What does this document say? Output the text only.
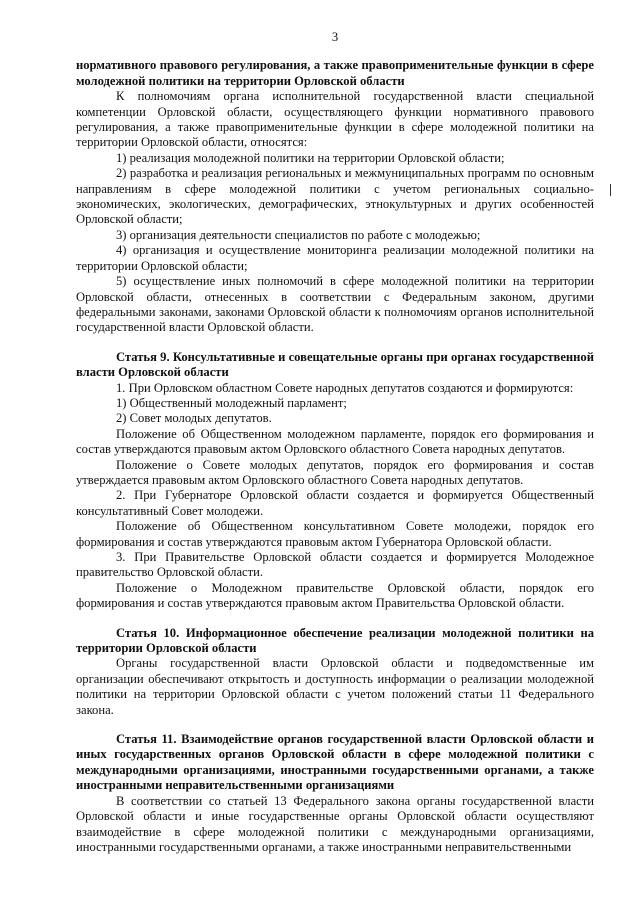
3

нормативного правового регулирования, а также правоприменительные функции в сфере молодежной политики на территории Орловской области

К полномочиям органа исполнительной государственной власти специальной компетенции Орловской области, осуществляющего функции нормативного правового регулирования, а также правоприменительные функции в сфере молодежной политики на территории Орловской области, относятся:

1) реализация молодежной политики на территории Орловской области;

2) разработка и реализация региональных и межмуниципальных программ по основным направлениям в сфере молодежной политики с учетом региональных социально-экономических, экологических, демографических, этнокультурных и других особенностей Орловской области;

3) организация деятельности специалистов по работе с молодежью;

4) организация и осуществление мониторинга реализации молодежной политики на территории Орловской области;

5) осуществление иных полномочий в сфере молодежной политики на территории Орловской области, отнесенных в соответствии с Федеральным законом, другими федеральными законами, законами Орловской области к полномочиям органов исполнительной государственной власти Орловской области.

Статья 9. Консультативные и совещательные органы при органах государственной власти Орловской области

1. При Орловском областном Совете народных депутатов создаются и формируются:

1) Общественный молодежный парламент;

2) Совет молодых депутатов.

Положение об Общественном молодежном парламенте, порядок его формирования и состав утверждаются правовым актом Орловского областного Совета народных депутатов.

Положение о Совете молодых депутатов, порядок его формирования и состав утверждается правовым актом Орловского областного Совета народных депутатов.

2. При Губернаторе Орловской области создается и формируется Общественный консультативный Совет молодежи.

Положение об Общественном консультативном Совете молодежи, порядок его формирования и состав утверждаются правовым актом Губернатора Орловской области.

3. При Правительстве Орловской области создается и формируется Молодежное правительство Орловской области.

Положение о Молодежном правительстве Орловской области, порядок его формирования и состав утверждаются правовым актом Правительства Орловской области.

Статья 10. Информационное обеспечение реализации молодежной политики на территории Орловской области

Органы государственной власти Орловской области и подведомственные им организации обеспечивают открытость и доступность информации о реализации молодежной политики на территории Орловской области с учетом положений статьи 11 Федерального закона.

Статья 11. Взаимодействие органов государственной власти Орловской области и иных государственных органов Орловской области в сфере молодежной политики с международными организациями, иностранными государственными органами, а также иностранными неправительственными организациями

В соответствии со статьей 13 Федерального закона органы государственной власти Орловской области и иные государственные органы Орловской области осуществляют взаимодействие в сфере молодежной политики с международными организациями, иностранными государственными органами, а также иностранными неправительственными
